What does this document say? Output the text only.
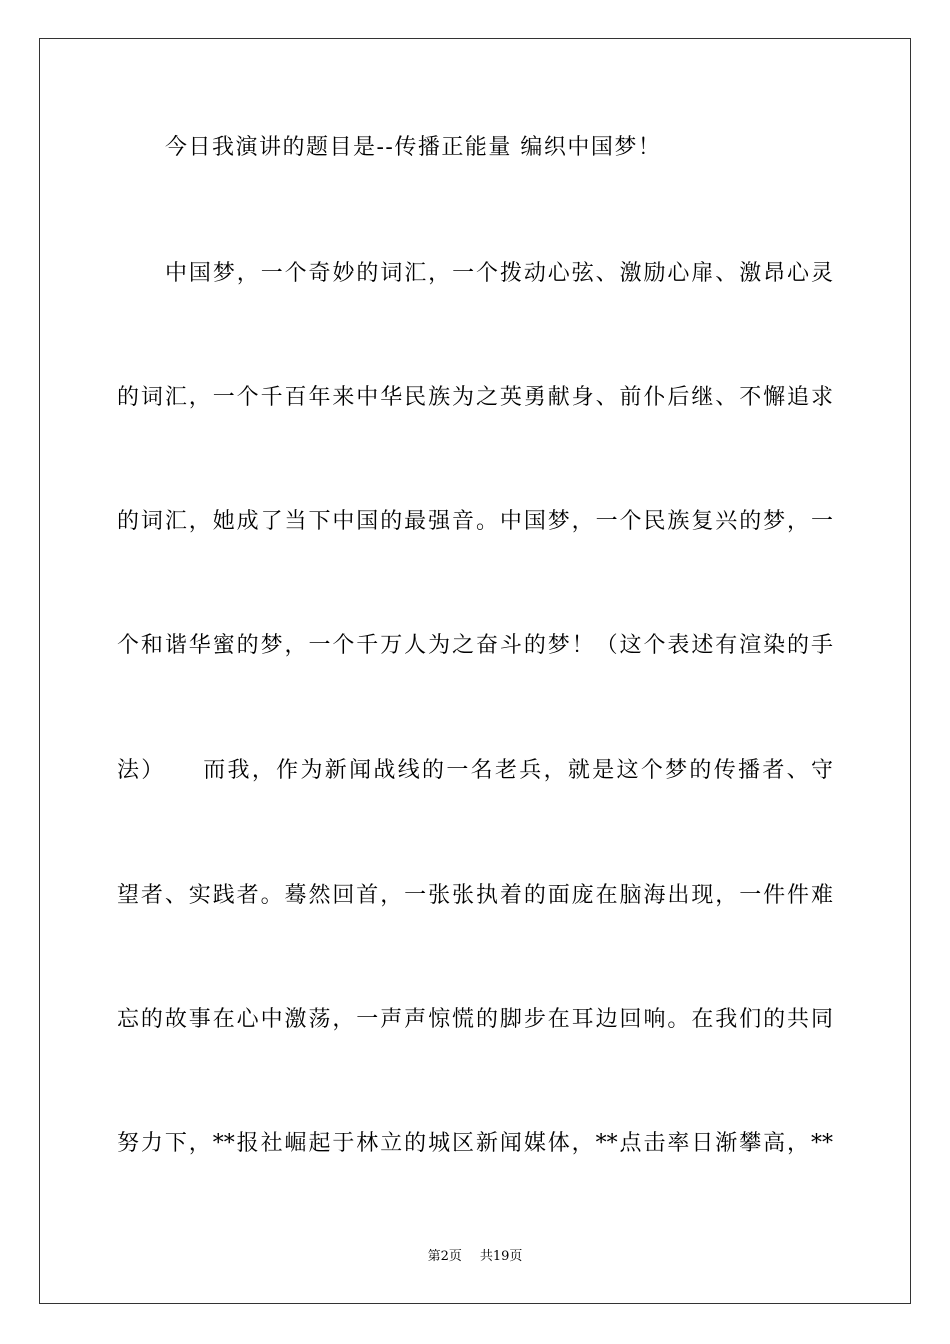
今日我演讲的题目是--传播正能量 编织中国梦！
中国梦，一个奇妙的词汇，一个拨动心弦、激励心扉、激昂心灵
的词汇，一个千百年来中华民族为之英勇献身、前仆后继、不懈追求
的词汇，她成了当下中国的最强音。中国梦，一个民族复兴的梦，一
个和谐华蜜的梦，一个千万人为之奋斗的梦！（这个表述有渲染的手
法）　　而我，作为新闻战线的一名老兵，就是这个梦的传播者、守
望者、实践者。蓦然回首，一张张执着的面庞在脑海出现，一件件难
忘的故事在心中激荡，一声声惊慌的脚步在耳边回响。在我们的共同
努力下，**报社崛起于林立的城区新闻媒体，**点击率日渐攀高，**
第2页 共19页
